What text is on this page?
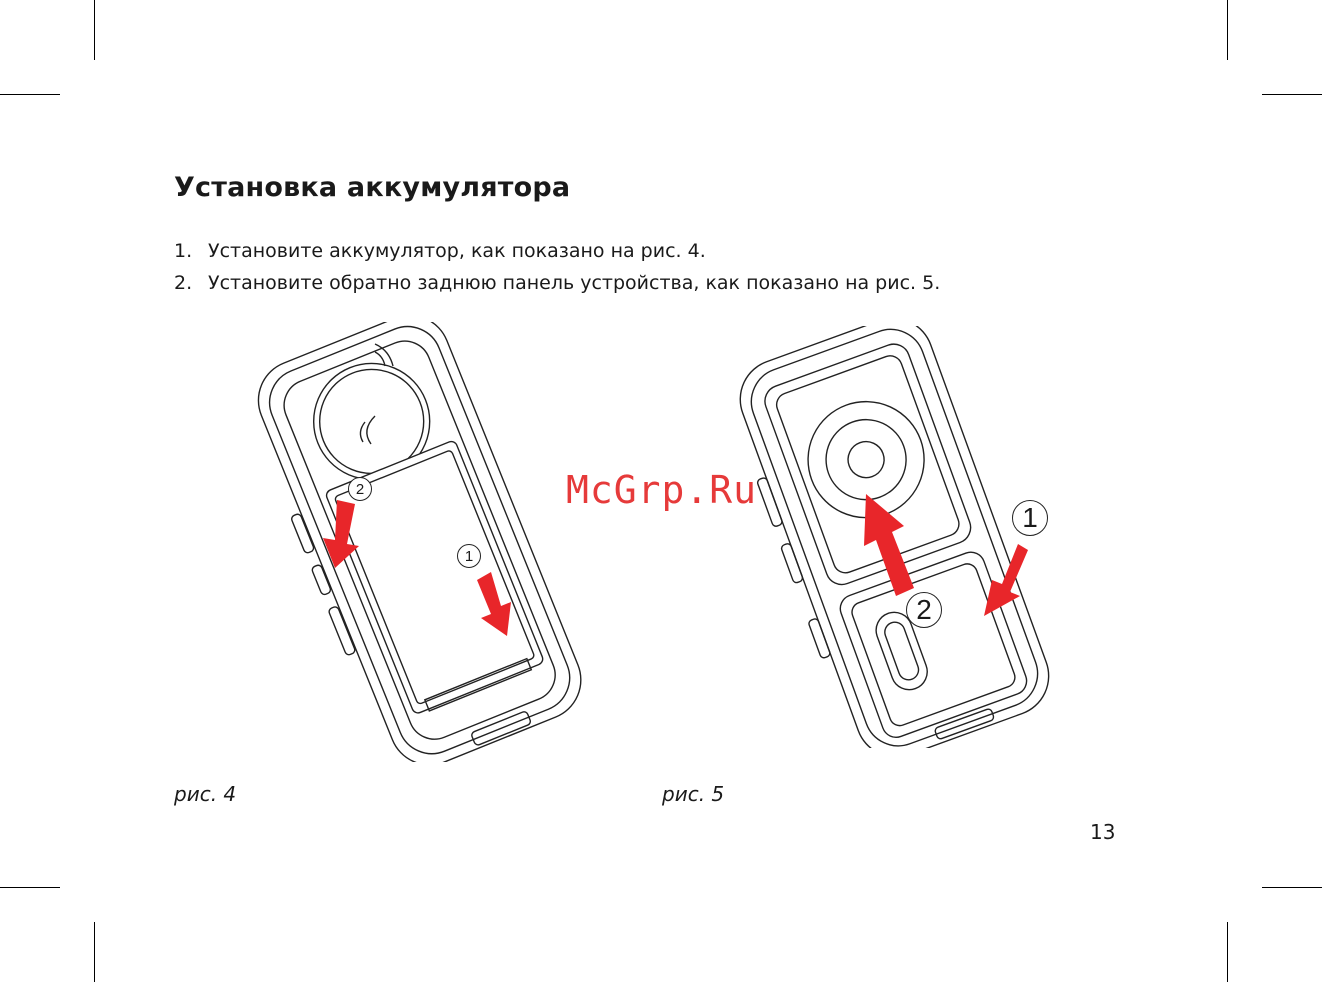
Установка аккумулятора
1. Установите аккумулятор, как показано на рис. 4.
2. Установите обратно заднюю панель устройства, как показано на рис. 5.
2
1
1
2
McGrp.Ru
рис. 4	рис. 5
13
